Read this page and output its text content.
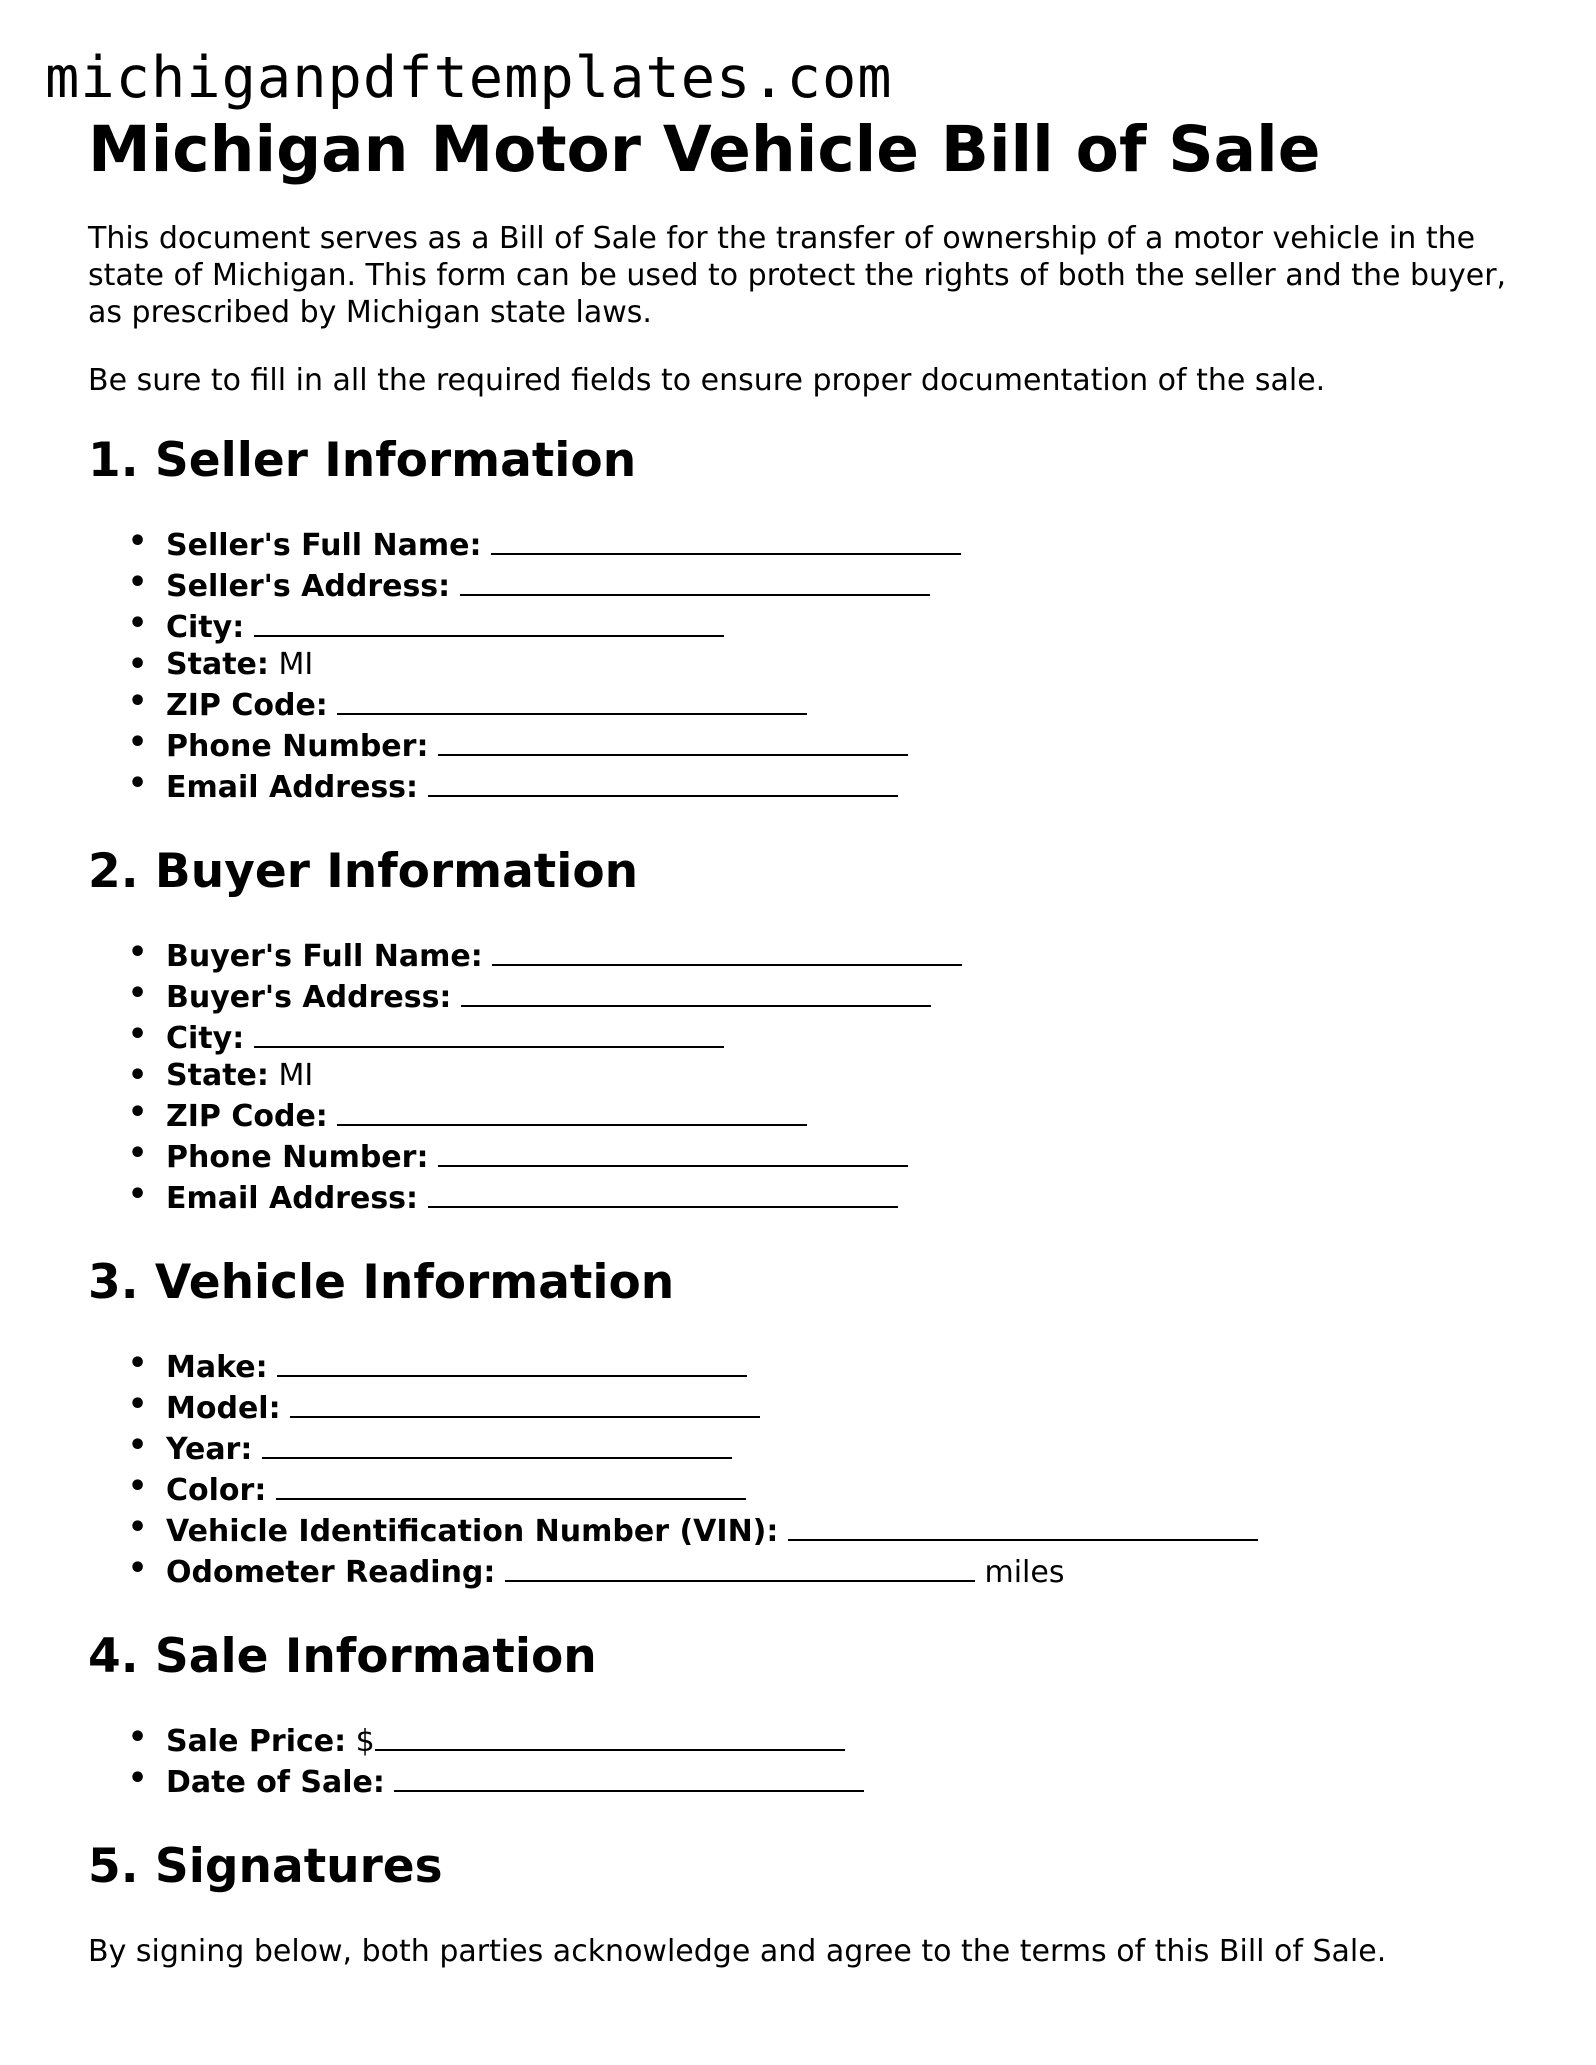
michiganpdftemplates.com
Michigan Motor Vehicle Bill of Sale

This document serves as a Bill of Sale for the transfer of ownership of a motor vehicle in the state of Michigan. This form can be used to protect the rights of both the seller and the buyer, as prescribed by Michigan state laws.

Be sure to fill in all the required fields to ensure proper documentation of the sale.

1. Seller Information
• Seller's Full Name:
• Seller's Address:
• City:
• State: MI
• ZIP Code:
• Phone Number:
• Email Address:
2. Buyer Information
• Buyer's Full Name:
• Buyer's Address:
• City:
• State: MI
• ZIP Code:
• Phone Number:
• Email Address:
3. Vehicle Information
• Make:
• Model:
• Year:
• Color:
• Vehicle Identification Number (VIN):
• Odometer Reading:	miles
4. Sale Information
• Sale Price: $
• Date of Sale:
5. Signatures

By signing below, both parties acknowledge and agree to the terms of this Bill of Sale.
